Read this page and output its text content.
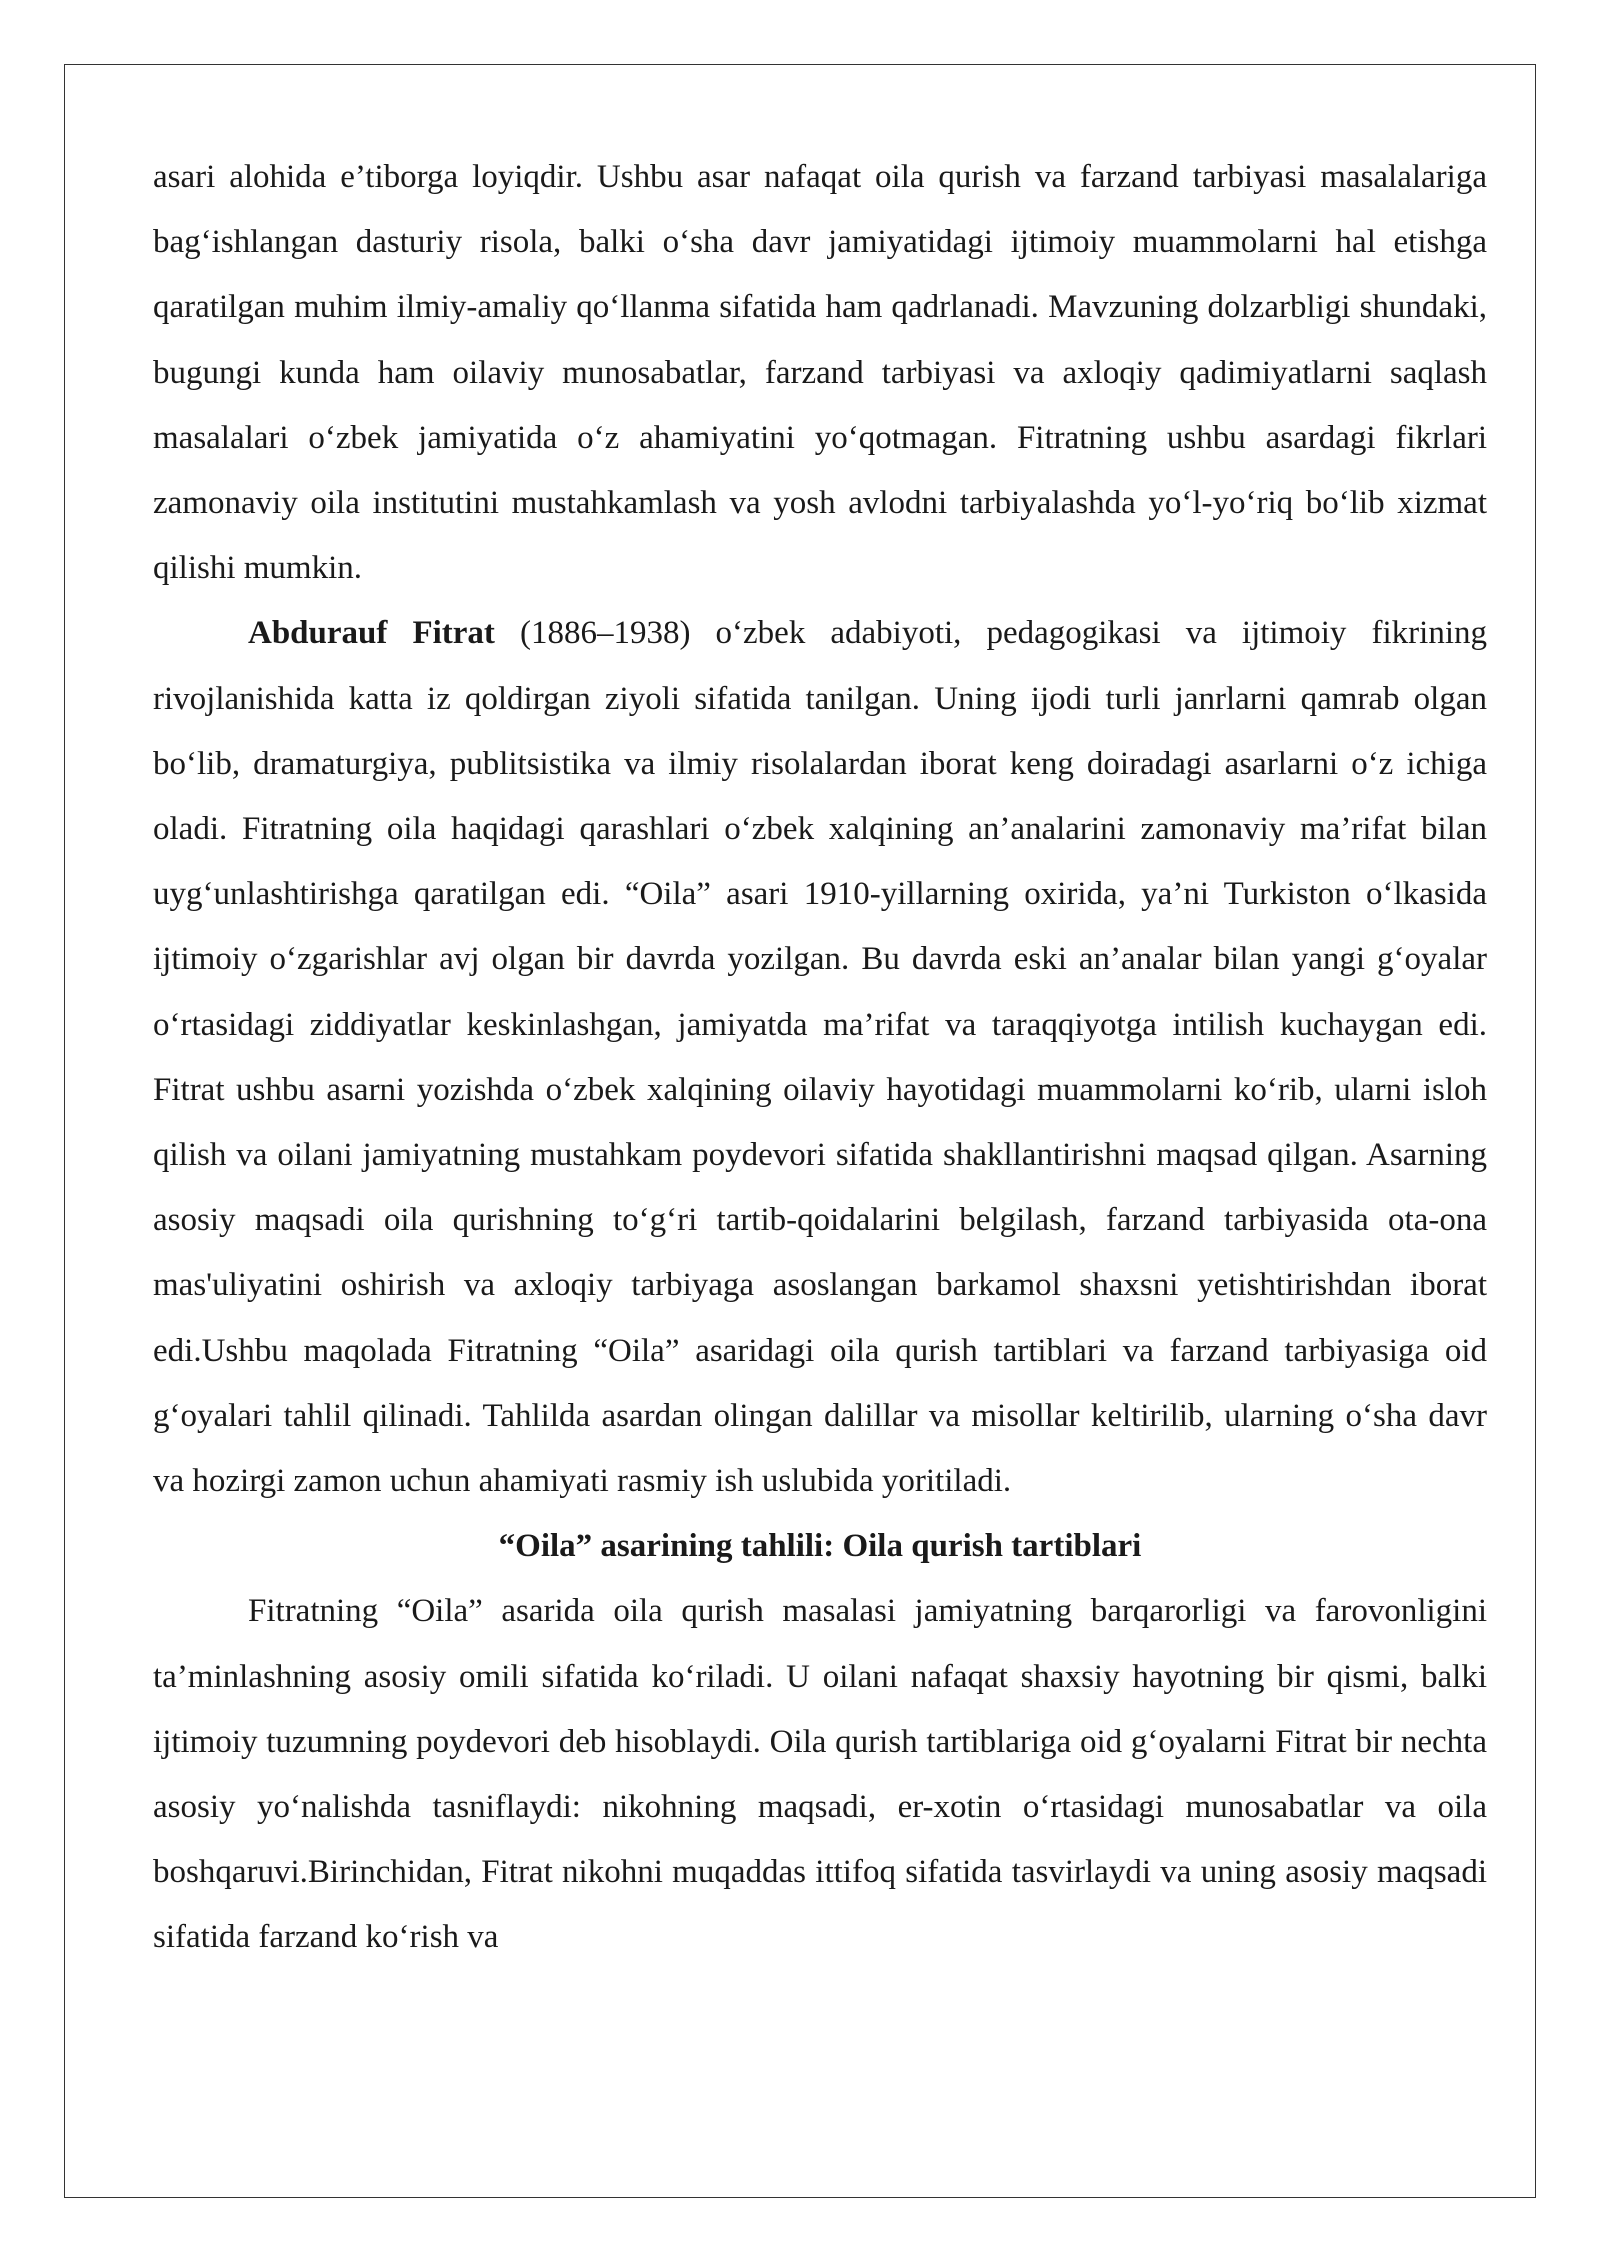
asari alohida e’tiborga loyiqdir. Ushbu asar nafaqat oila qurish va farzand tarbiyasi masalalariga bag‘ishlangan dasturiy risola, balki o‘sha davr jamiyatidagi ijtimoiy muammolarni hal etishga qaratilgan muhim ilmiy-amaliy qo‘llanma sifatida ham qadrlanadi. Mavzuning dolzarbligi shundaki, bugungi kunda ham oilaviy munosabatlar, farzand tarbiyasi va axloqiy qadimiyatlarni saqlash masalalari o‘zbek jamiyatida o‘z ahamiyatini yo‘qotmagan. Fitratning ushbu asardagi fikrlari zamonaviy oila institutini mustahkamlash va yosh avlodni tarbiyalashda yo‘l-yo‘riq bo‘lib xizmat qilishi mumkin.

Abdurauf Fitrat (1886–1938) o‘zbek adabiyoti, pedagogikasi va ijtimoiy fikrining rivojlanishida katta iz qoldirgan ziyoli sifatida tanilgan. Uning ijodi turli janrlarni qamrab olgan bo‘lib, dramaturgiya, publitsistika va ilmiy risolalardan iborat keng doiradagi asarlarni o‘z ichiga oladi. Fitratning oila haqidagi qarashlari o‘zbek xalqining an’analarini zamonaviy ma’rifat bilan uyg‘unlashtirishga qaratilgan edi. “Oila” asari 1910-yillarning oxirida, ya’ni Turkiston o‘lkasida ijtimoiy o‘zgarishlar avj olgan bir davrda yozilgan. Bu davrda eski an’analar bilan yangi g‘oyalar o‘rtasidagi ziddiyatlar keskinlashgan, jamiyatda ma’rifat va taraqqiyotga intilish kuchaygan edi. Fitrat ushbu asarni yozishda o‘zbek xalqining oilaviy hayotidagi muammolarni ko‘rib, ularni isloh qilish va oilani jamiyatning mustahkam poydevori sifatida shakllantirishni maqsad qilgan. Asarning asosiy maqsadi oila qurishning to‘g‘ri tartib-qoidalarini belgilash, farzand tarbiyasida ota-ona mas'uliyatini oshirish va axloqiy tarbiyaga asoslangan barkamol shaxsni yetishtirishdan iborat edi.Ushbu maqolada Fitratning “Oila” asaridagi oila qurish tartiblari va farzand tarbiyasiga oid g‘oyalari tahlil qilinadi. Tahlilda asardan olingan dalillar va misollar keltirilib, ularning o‘sha davr va hozirgi zamon uchun ahamiyati rasmiy ish uslubida yoritiladi.

“Oila” asarining tahlili: Oila qurish tartiblari

Fitratning “Oila” asarida oila qurish masalasi jamiyatning barqarorligi va farovonligini ta’minlashning asosiy omili sifatida ko‘riladi. U oilani nafaqat shaxsiy hayotning bir qismi, balki ijtimoiy tuzumning poydevori deb hisoblaydi. Oila qurish tartiblariga oid g‘oyalarni Fitrat bir nechta asosiy yo‘nalishda tasniflaydi: nikohning maqsadi, er-xotin o‘rtasidagi munosabatlar va oila boshqaruvi.Birinchidan, Fitrat nikohni muqaddas ittifoq sifatida tasvirlaydi va uning asosiy maqsadi sifatida farzand ko‘rish va
